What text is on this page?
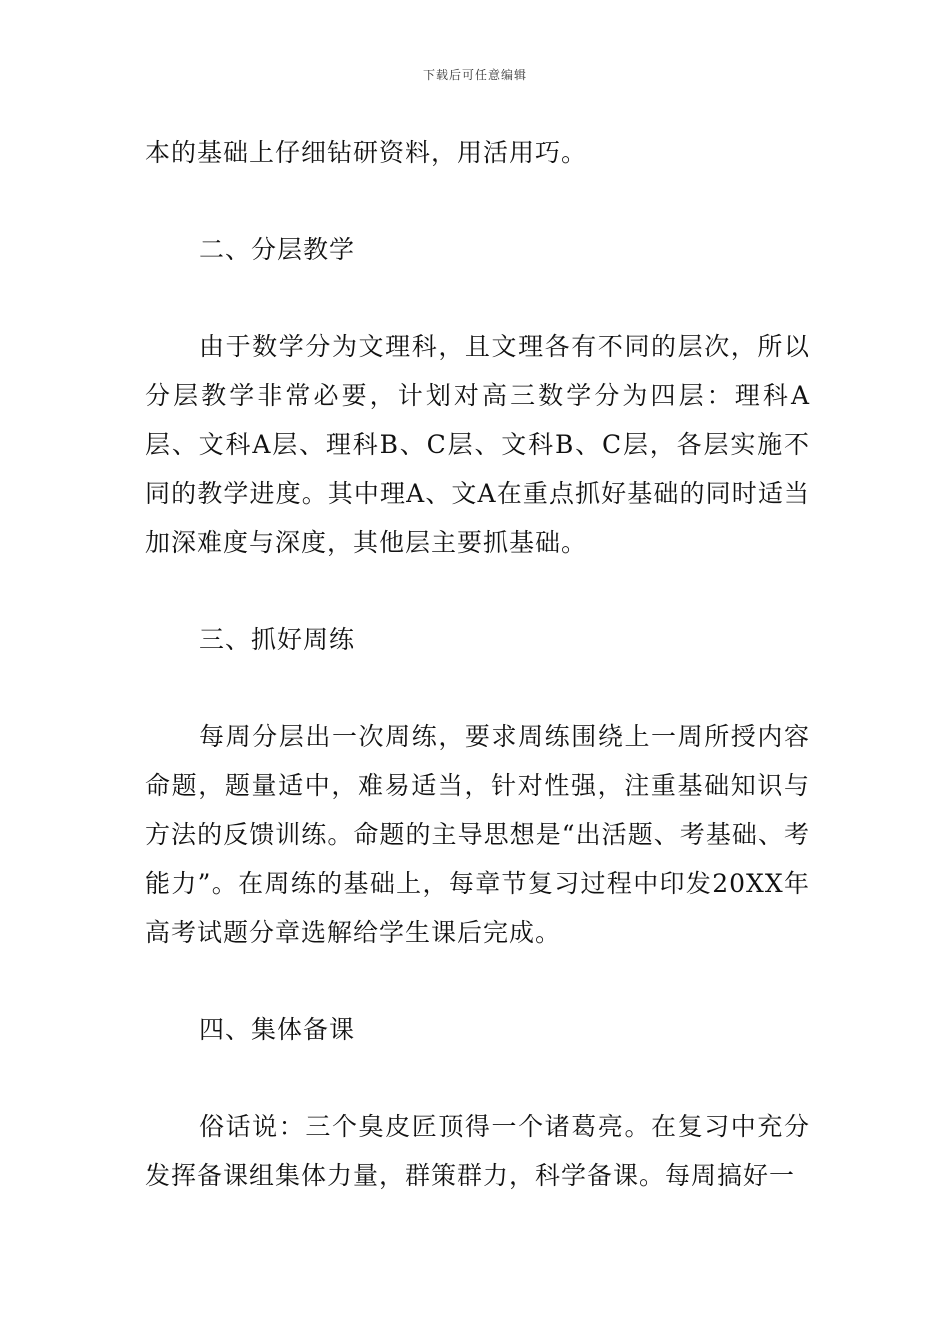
下载后可任意编辑

本的基础上仔细钻研资料，用活用巧。

二、分层教学

由于数学分为文理科，且文理各有不同的层次，所以分层教学非常必要，计划对高三数学分为四层：理科A层、文科A层、理科B、C层、文科B、C层，各层实施不同的教学进度。其中理A、文A在重点抓好基础的同时适当加深难度与深度，其他层主要抓基础。

三、抓好周练

每周分层出一次周练，要求周练围绕上一周所授内容命题，题量适中，难易适当，针对性强，注重基础知识与方法的反馈训练。命题的主导思想是“出活题、考基础、考能力”。在周练的基础上，每章节复习过程中印发20XX年高考试题分章选解给学生课后完成。

四、集体备课

俗话说：三个臭皮匠顶得一个诸葛亮。在复习中充分发挥备课组集体力量，群策群力，科学备课。每周搞好一
